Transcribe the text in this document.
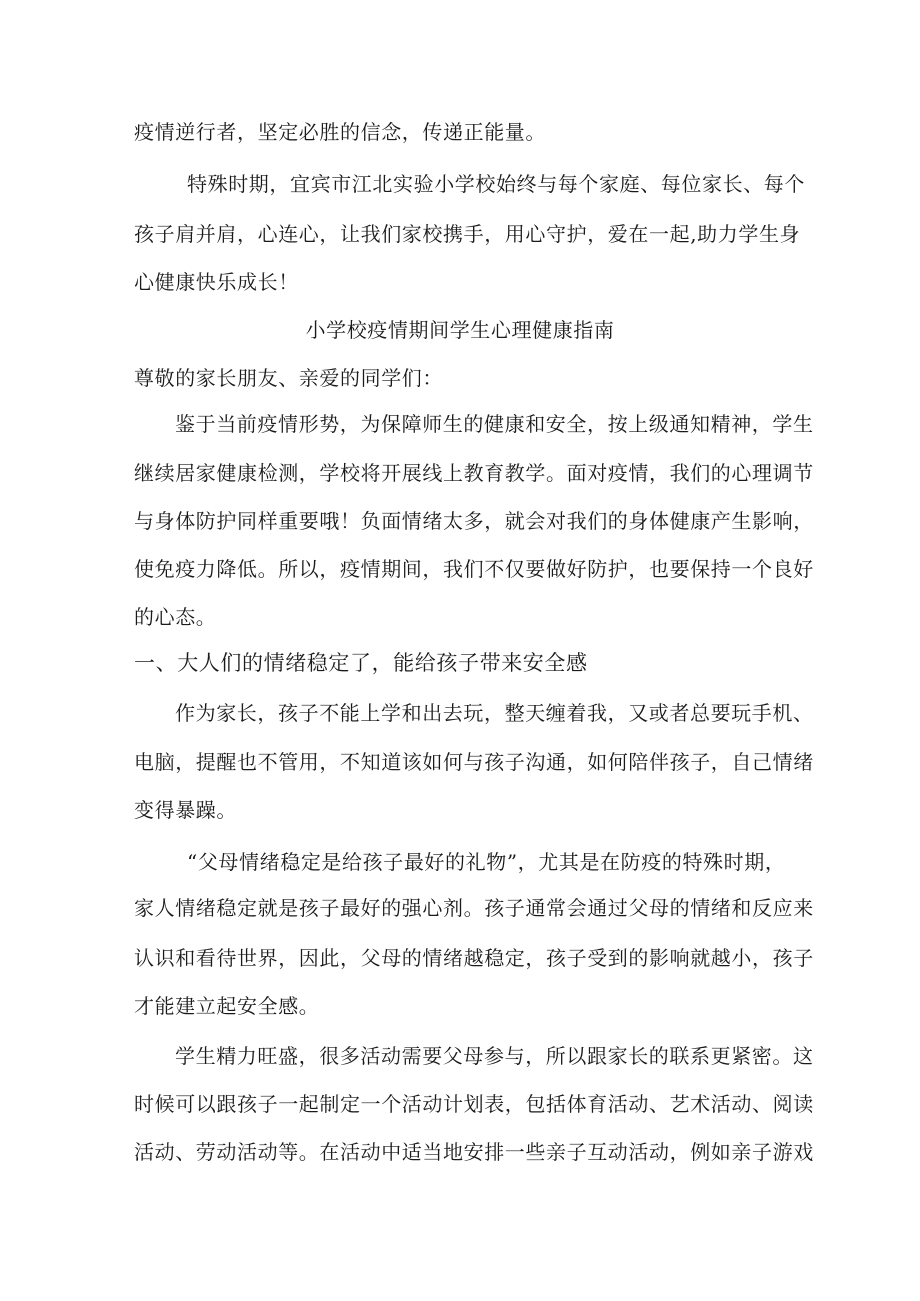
疫情逆行者，坚定必胜的信念，传递正能量。
特殊时期，宜宾市江北实验小学校始终与每个家庭、每位家长、每个
孩子肩并肩，心连心，让我们家校携手，用心守护，爱在一起,助力学生身
心健康快乐成长！
小学校疫情期间学生心理健康指南
尊敬的家长朋友、亲爱的同学们：
鉴于当前疫情形势，为保障师生的健康和安全，按上级通知精神，学生
继续居家健康检测，学校将开展线上教育教学。面对疫情，我们的心理调节
与身体防护同样重要哦！负面情绪太多，就会对我们的身体健康产生影响，
使免疫力降低。所以，疫情期间，我们不仅要做好防护，也要保持一个良好
的心态。
一、大人们的情绪稳定了，能给孩子带来安全感
作为家长，孩子不能上学和出去玩，整天缠着我，又或者总要玩手机、
电脑，提醒也不管用，不知道该如何与孩子沟通，如何陪伴孩子，自己情绪
变得暴躁。
“父母情绪稳定是给孩子最好的礼物”，尤其是在防疫的特殊时期，
家人情绪稳定就是孩子最好的强心剂。孩子通常会通过父母的情绪和反应来
认识和看待世界，因此，父母的情绪越稳定，孩子受到的影响就越小，孩子
才能建立起安全感。
学生精力旺盛，很多活动需要父母参与，所以跟家长的联系更紧密。这
时候可以跟孩子一起制定一个活动计划表，包括体育活动、艺术活动、阅读
活动、劳动活动等。在活动中适当地安排一些亲子互动活动，例如亲子游戏
